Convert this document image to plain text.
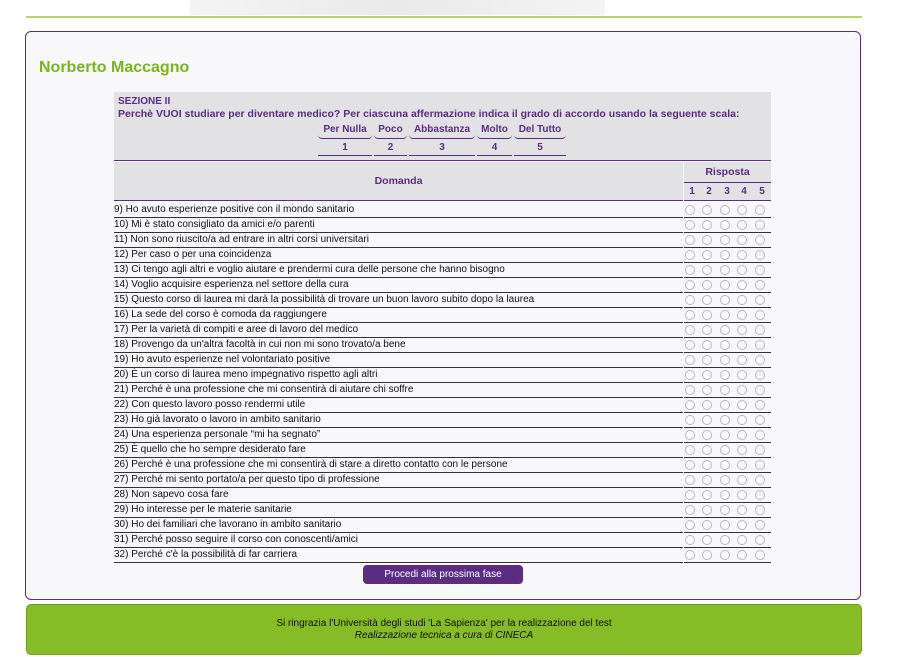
Norberto Maccagno
SEZIONE II
Perchè VUOI studiare per diventare medico? Per ciascuna affermazione indica il grado di accordo usando la seguente scala:
Per Nulla
1
Poco
2
Abbastanza
3
Molto
4
Del Tutto
5
Domanda
Risposta
1	2	3	4	5
9) Ho avuto esperienze positive con il mondo sanitario
10) Mi è stato consigliato da amici e/o parenti
11) Non sono riuscito/a ad entrare in altri corsi universitari
12) Per caso o per una coincidenza
13) Ci tengo agli altri e voglio aiutare e prendermi cura delle persone che hanno bisogno
14) Voglio acquisire esperienza nel settore della cura
15) Questo corso di laurea mi darà la possibilità di trovare un buon lavoro subito dopo la laurea
16) La sede del corso è comoda da raggiungere
17) Per la varietà di compiti e aree di lavoro del medico
18) Provengo da un'altra facoltà in cui non mi sono trovato/a bene
19) Ho avuto esperienze nel volontariato positive
20) È un corso di laurea meno impegnativo rispetto agli altri
21) Perché è una professione che mi consentirà di aiutare chi soffre
22) Con questo lavoro posso rendermi utile
23) Ho già lavorato o lavoro in ambito sanitario
24) Una esperienza personale “mi ha segnato”
25) È quello che ho sempre desiderato fare
26) Perché è una professione che mi consentirà di stare a diretto contatto con le persone
27) Perché mi sento portato/a per questo tipo di professione
28) Non sapevo cosa fare
29) Ho interesse per le materie sanitarie
30) Ho dei familiari che lavorano in ambito sanitario
31) Perché posso seguire il corso con conoscenti/amici
32) Perché c'è la possibilità di far carriera
Procedi alla prossima fase
Si ringrazia l'Università degli studi 'La Sapienza' per la realizzazione del test
Realizzazione tecnica a cura di CINECA
